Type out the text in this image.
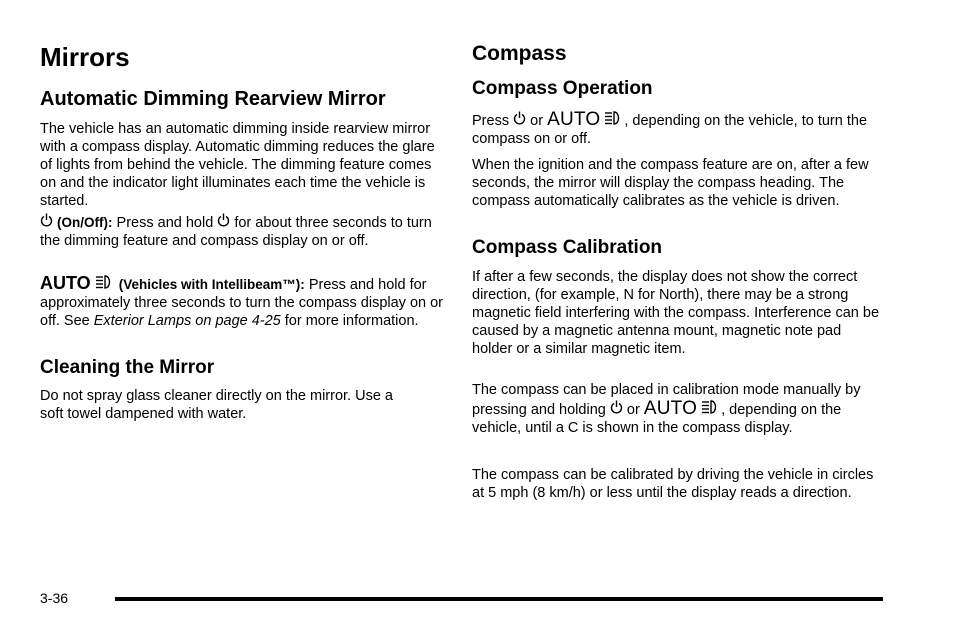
Mirrors
Automatic Dimming Rearview Mirror

The vehicle has an automatic dimming inside rearview mirror with a compass display. Automatic dimming reduces the glare of lights from behind the vehicle. The dimming feature comes on and the indicator light illuminates each time the vehicle is started.

(On/Off): Press and hold for about three seconds to turn the dimming feature and compass display on or off.

AUTO (Vehicles with Intellibeam™): Press and hold for approximately three seconds to turn the compass display on or off. See Exterior Lamps on page 4-25 for more information.

Cleaning the Mirror

Do not spray glass cleaner directly on the mirror. Use a soft towel dampened with water.

Compass
Compass Operation

Press or AUTO , depending on the vehicle, to turn the compass on or off.

When the ignition and the compass feature are on, after a few seconds, the mirror will display the compass heading. The compass automatically calibrates as the vehicle is driven.

Compass Calibration

If after a few seconds, the display does not show the correct direction, (for example, N for North), there may be a strong magnetic field interfering with the compass. Interference can be caused by a magnetic antenna mount, magnetic note pad holder or a similar magnetic item.

The compass can be placed in calibration mode manually by pressing and holding or AUTO , depending on the vehicle, until a C is shown in the compass display.

The compass can be calibrated by driving the vehicle in circles at 5 mph (8 km/h) or less until the display reads a direction.

3-36
